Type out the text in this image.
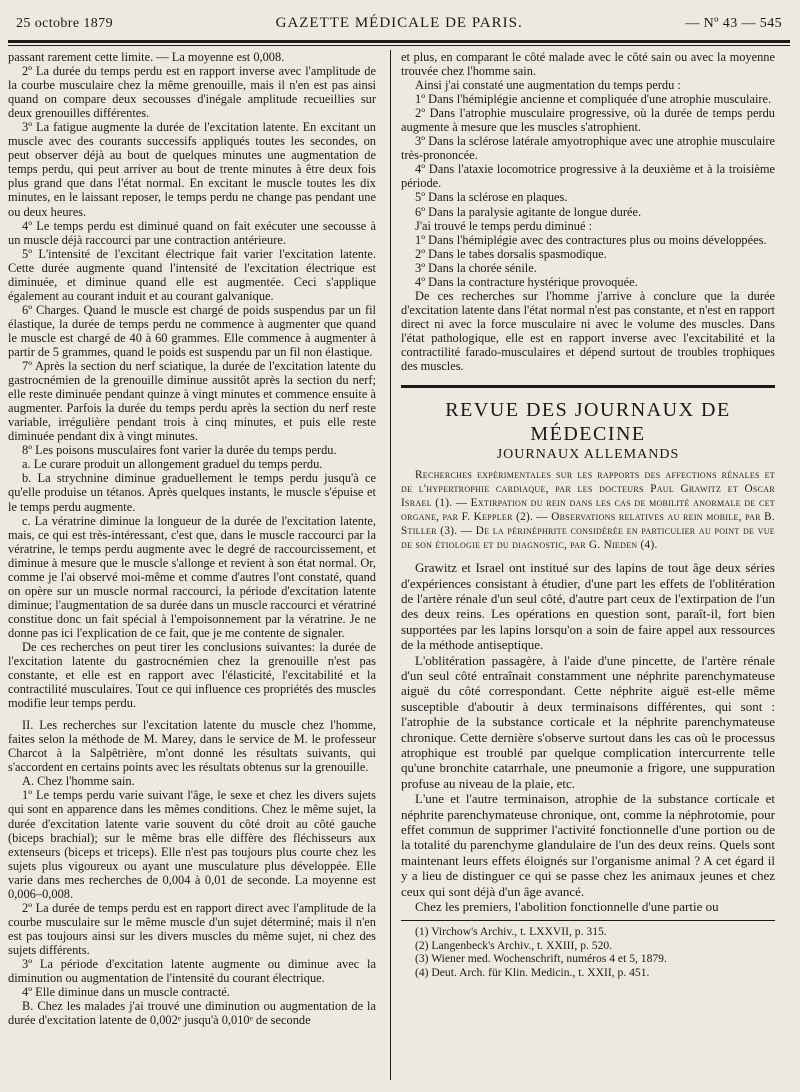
25 octobre 1879	GAZETTE MÉDICALE DE PARIS.	— Nº 43 — 545

passant rarement cette limite. — La moyenne est 0,008.

2º La durée du temps perdu est en rapport inverse avec l'amplitude de la courbe musculaire chez la même grenouille, mais il n'en est pas ainsi quand on compare deux secousses d'inégale amplitude recueillies sur deux grenouilles différentes.

3º La fatigue augmente la durée de l'excitation latente. En excitant un muscle avec des courants successifs appliqués toutes les secondes, on peut observer déjà au bout de quelques minutes une augmentation de temps perdu, qui peut arriver au bout de trente minutes à être deux fois plus grand que dans l'état normal. En excitant le muscle toutes les dix minutes, en le laissant reposer, le temps perdu ne change pas pendant une ou deux heures.

4º Le temps perdu est diminué quand on fait exécuter une secousse à un muscle déjà raccourci par une contraction antérieure.

5º L'intensité de l'excitant électrique fait varier l'excitation latente. Cette durée augmente quand l'intensité de l'excitation électrique est diminuée, et diminue quand elle est augmentée. Ceci s'applique également au courant induit et au courant galvanique.

6º Charges. Quand le muscle est chargé de poids suspendus par un fil élastique, la durée de temps perdu ne commence à augmenter que quand le muscle est chargé de 40 à 60 grammes. Elle commence à augmenter à partir de 5 grammes, quand le poids est suspendu par un fil non élastique.

7º Après la section du nerf sciatique, la durée de l'excitation latente du gastrocnémien de la grenouille diminue aussitôt après la section du nerf; elle reste diminuée pendant quinze à vingt minutes et commence ensuite à augmenter. Parfois la durée du temps perdu après la section du nerf reste variable, irrégulière pendant trois à cinq minutes, et puis elle reste diminuée pendant dix à vingt minutes.

8º Les poisons musculaires font varier la durée du temps perdu.

a. Le curare produit un allongement graduel du temps perdu.

b. La strychnine diminue graduellement le temps perdu jusqu'à ce qu'elle produise un tétanos. Après quelques instants, le muscle s'épuise et le temps perdu augmente.

c. La vératrine diminue la longueur de la durée de l'excitation latente, mais, ce qui est très-intéressant, c'est que, dans le muscle raccourci par la vératrine, le temps perdu augmente avec le degré de raccourcissement, et diminue à mesure que le muscle s'allonge et revient à son état normal. Or, comme je l'ai observé moi-même et comme d'autres l'ont constaté, quand on opère sur un muscle normal raccourci, la période d'excitation latente diminue; l'augmentation de sa durée dans un muscle raccourci et vératriné constitue donc un fait spécial à l'empoisonnement par la vératrine. Je ne donne pas ici l'explication de ce fait, que je me contente de signaler.

De ces recherches on peut tirer les conclusions suivantes: la durée de l'excitation latente du gastrocnémien chez la grenouille n'est pas constante, et elle est en rapport avec l'élasticité, l'excitabilité et la contractilité musculaires. Tout ce qui influence ces propriétés des muscles modifie leur temps perdu.

II. Les recherches sur l'excitation latente du muscle chez l'homme, faites selon la méthode de M. Marey, dans le service de M. le professeur Charcot à la Salpêtrière, m'ont donné les résultats suivants, qui s'accordent en certains points avec les résultats obtenus sur la grenouille.

A. Chez l'homme sain.

1º Le temps perdu varie suivant l'âge, le sexe et chez les divers sujets qui sont en apparence dans les mêmes conditions. Chez le même sujet, la durée d'excitation latente varie souvent du côté droit au côté gauche (biceps brachial); sur le même bras elle diffère des fléchisseurs aux extenseurs (biceps et triceps). Elle n'est pas toujours plus courte chez les sujets plus vigoureux ou ayant une musculature plus développée. Elle varie dans mes recherches de 0,004 à 0,01 de seconde. La moyenne est 0,006–0,008.

2º La durée de temps perdu est en rapport direct avec l'amplitude de la courbe musculaire sur le même muscle d'un sujet déterminé; mais il n'en est pas toujours ainsi sur les divers muscles du même sujet, ni chez des sujets différents.

3º La période d'excitation latente augmente ou diminue avec la diminution ou augmentation de l'intensité du courant électrique.

4º Elle diminue dans un muscle contracté.

B. Chez les malades j'ai trouvé une diminution ou augmentation de la durée d'excitation latente de 0,002ᵉ jusqu'à 0,010ᵉ de seconde

et plus, en comparant le côté malade avec le côté sain ou avec la moyenne trouvée chez l'homme sain.

Ainsi j'ai constaté une augmentation du temps perdu :

1º Dans l'hémiplégie ancienne et compliquée d'une atrophie musculaire.

2º Dans l'atrophie musculaire progressive, où la durée de temps perdu augmente à mesure que les muscles s'atrophient.

3º Dans la sclérose latérale amyotrophique avec une atrophie musculaire très-prononcée.

4º Dans l'ataxie locomotrice progressive à la deuxième et à la troisième période.

5º Dans la sclérose en plaques.

6º Dans la paralysie agitante de longue durée.

J'ai trouvé le temps perdu diminué :

1º Dans l'hémiplégie avec des contractures plus ou moins développées.

2º Dans le tabes dorsalis spasmodique.

3º Dans la chorée sénile.

4º Dans la contracture hystérique provoquée.

De ces recherches sur l'homme j'arrive à conclure que la durée d'excitation latente dans l'état normal n'est pas constante, et n'est en rapport direct ni avec la force musculaire ni avec le volume des muscles. Dans l'état pathologique, elle est en rapport inverse avec l'excitabilité et la contractilité farado-musculaires et dépend surtout de troubles trophiques des muscles.

REVUE DES JOURNAUX DE MÉDECINE
JOURNAUX ALLEMANDS
Recherches expérimentales sur les rapports des affections rénales et de l'hypertrophie cardiaque, par les docteurs Paul Grawitz et Oscar Israel (1). — Extirpation du rein dans les cas de mobilité anormale de cet organe, par F. Keppler (2). — Observations relatives au rein mobile, par B. Stiller (3). — De la périnéphrite considérée en particulier au point de vue de son étiologie et du diagnostic, par G. Nieden (4).

Grawitz et Israel ont institué sur des lapins de tout âge deux séries d'expériences consistant à étudier, d'une part les effets de l'oblitération de l'artère rénale d'un seul côté, d'autre part ceux de l'extirpation de l'un des deux reins. Les opérations en question sont, paraît-il, fort bien supportées par les lapins lorsqu'on a soin de faire appel aux ressources de la méthode antiseptique.

L'oblitération passagère, à l'aide d'une pincette, de l'artère rénale d'un seul côté entraînait constamment une néphrite parenchymateuse aiguë du côté correspondant. Cette néphrite aiguë est-elle même susceptible d'aboutir à deux terminaisons différentes, qui sont : l'atrophie de la substance corticale et la néphrite parenchymateuse chronique. Cette dernière s'observe surtout dans les cas où le processus atrophique est troublé par quelque complication intercurrente telle qu'une bronchite catarrhale, une pneumonie a frigore, une suppuration profuse au niveau de la plaie, etc.

L'une et l'autre terminaison, atrophie de la substance corticale et néphrite parenchymateuse chronique, ont, comme la néphrotomie, pour effet commun de supprimer l'activité fonctionnelle d'une portion ou de la totalité du parenchyme glandulaire de l'un des deux reins. Quels sont maintenant leurs effets éloignés sur l'organisme animal ? A cet égard il y a lieu de distinguer ce qui se passe chez les animaux jeunes et chez ceux qui sont déjà d'un âge avancé.

Chez les premiers, l'abolition fonctionnelle d'une partie ou

(1) Virchow's Archiv., t. LXXVII, p. 315.
(2) Langenbeck's Archiv., t. XXIII, p. 520.
(3) Wiener med. Wochenschrift, numéros 4 et 5, 1879.
(4) Deut. Arch. für Klin. Medicin., t. XXII, p. 451.
